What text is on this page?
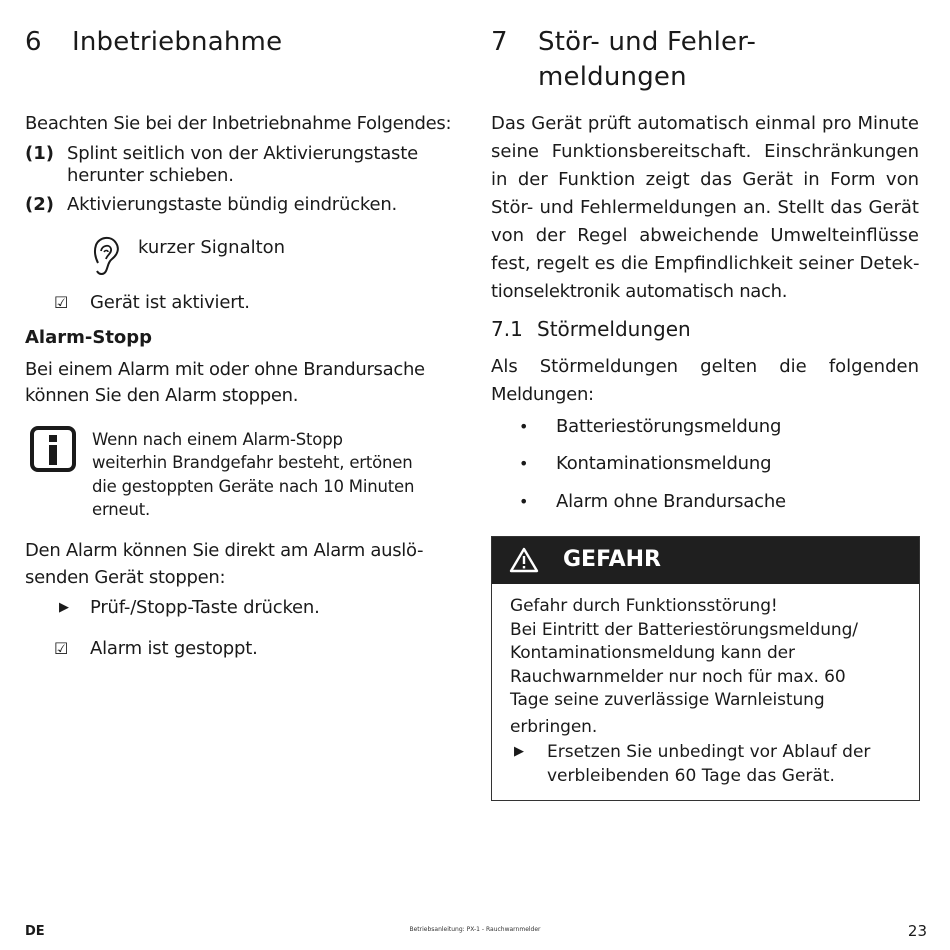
6 Inbetriebnahme
Beachten Sie bei der Inbetriebnahme Folgendes:
(1) Splint seitlich von der Aktivierungstaste
herunter schieben.
(2) Aktivierungstaste bündig eindrücken.
kurzer Signalton
☑ Gerät ist aktiviert.
Alarm-Stopp
Bei einem Alarm mit oder ohne Brandursache
können Sie den Alarm stoppen.
Wenn nach einem Alarm-Stopp
weiterhin Brandgefahr besteht, ertönen
die gestoppten Geräte nach 10 Minuten
erneut.
Den Alarm können Sie direkt am Alarm auslö-
senden Gerät stoppen:
▶ Prüf-/Stopp-Taste drücken.
☑ Alarm ist gestoppt.
7 Stör- und Fehler-
meldungen
Das Gerät prüft automatisch einmal pro Minute
seine Funktionsbereitschaft. Einschränkungen
in der Funktion zeigt das Gerät in Form von
Stör- und Fehlermeldungen an. Stellt das Gerät
von der Regel abweichende Umwelteinflüsse
fest, regelt es die Empfindlichkeit seiner Detek-
tionselektronik automatisch nach.
7.1 Störmeldungen
Als Störmeldungen gelten die folgenden
Meldungen:
• Batteriestörungsmeldung
• Kontaminationsmeldung
• Alarm ohne Brandursache
GEFAHR
Gefahr durch Funktionsstörung!
Bei Eintritt der Batteriestörungsmeldung/
Kontaminationsmeldung kann der
Rauchwarnmelder nur noch für max. 60
Tage seine zuverlässige Warnleistung
erbringen.
▶ Ersetzen Sie unbedingt vor Ablauf der
verbleibenden 60 Tage das Gerät.
DE	Betriebsanleitung: PX-1 - Rauchwarnmelder	23
